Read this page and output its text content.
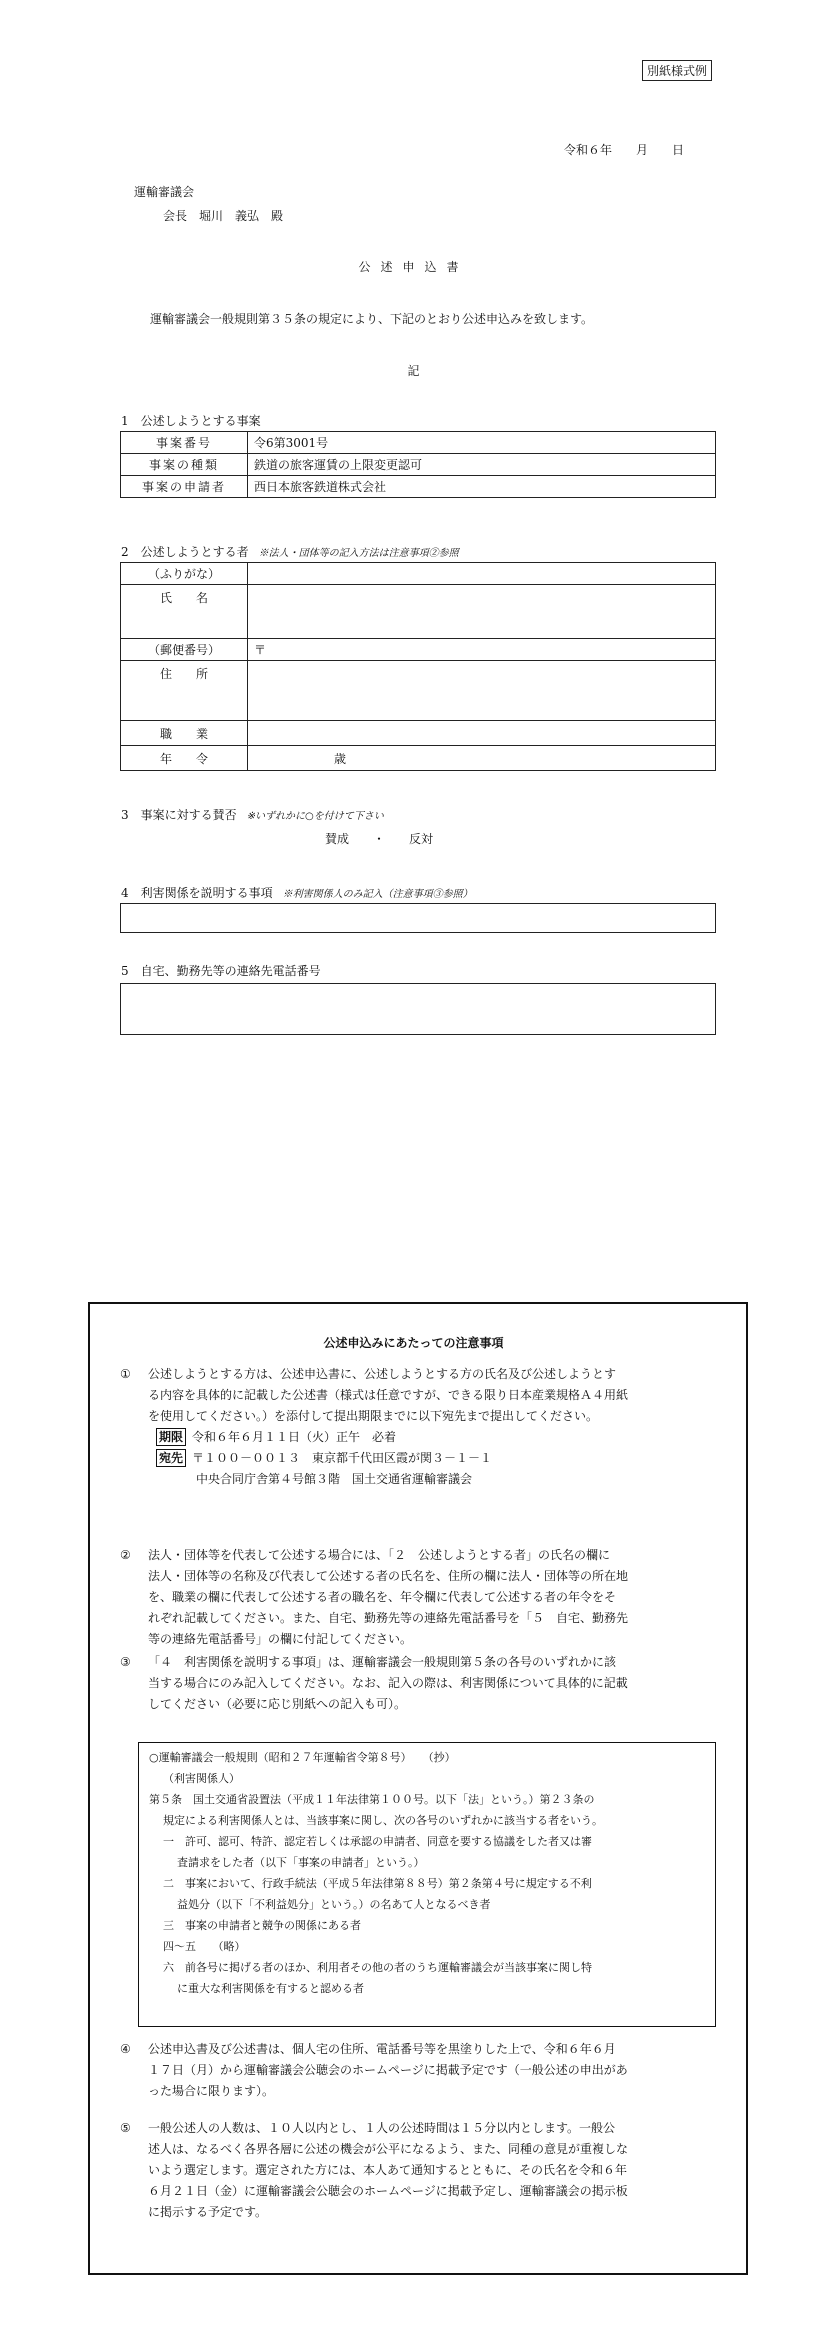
別紙様式例
令和６年　　月　　日
運輸審議会
会長　堀川　義弘　殿
公述申込書
運輸審議会一般規則第３５条の規定により、下記のとおり公述申込みを致します。
記
1　公述しようとする事案
事案番号	令6第3001号
事案の種類	鉄道の旅客運賃の上限変更認可
事案の申請者	西日本旅客鉄道株式会社
2　公述しようとする者 ※法人・団体等の記入方法は注意事項②参照
（ふりがな）	
氏　　名	
（郵便番号）	〒
住　　所	
職　　業	
年　　令	歳
3　事案に対する賛否 ※いずれかに○を付けて下さい
賛成 ・ 反対
4　利害関係を説明する事項 ※利害関係人のみ記入（注意事項③参照）
5　自宅、勤務先等の連絡先電話番号
公述申込みにあたっての注意事項
① 公述しようとする方は、公述申込書に、公述しようとする方の氏名及び公述しようとす

る内容を具体的に記載した公述書（様式は任意ですが、できる限り日本産業規格Ａ４用紙

を使用してください。）を添付して提出期限までに以下宛先まで提出してください。

期限 令和６年６月１１日（火）正午　必着

宛先 〒１００－００１３　東京都千代田区霞が関３－１－１

中央合同庁舎第４号館３階　国土交通省運輸審議会

② 法人・団体等を代表して公述する場合には、「２　公述しようとする者」の氏名の欄に

法人・団体等の名称及び代表して公述する者の氏名を、住所の欄に法人・団体等の所在地

を、職業の欄に代表して公述する者の職名を、年令欄に代表して公述する者の年令をそ

れぞれ記載してください。また、自宅、勤務先等の連絡先電話番号を「５　自宅、勤務先

等の連絡先電話番号」の欄に付記してください。

③ 「４　利害関係を説明する事項」は、運輸審議会一般規則第５条の各号のいずれかに該

当する場合にのみ記入してください。なお、記入の際は、利害関係について具体的に記載

してください（必要に応じ別紙への記入も可）。

○運輸審議会一般規則（昭和２７年運輸省令第８号）　　（抄）

（利害関係人）

第５条　国土交通省設置法（平成１１年法律第１００号。以下「法」という。）第２３条の

規定による利害関係人とは、当該事案に関し、次の各号のいずれかに該当する者をいう。

一　許可、認可、特許、認定若しくは承認の申請者、同意を要する協議をした者又は審

査請求をした者（以下「事案の申請者」という。）

二　事案において、行政手続法（平成５年法律第８８号）第２条第４号に規定する不利

益処分（以下「不利益処分」という。）の名あて人となるべき者

三　事案の申請者と競争の関係にある者

四～五　　（略）

六　前各号に掲げる者のほか、利用者その他の者のうち運輸審議会が当該事案に関し特

に重大な利害関係を有すると認める者

④ 公述申込書及び公述書は、個人宅の住所、電話番号等を黒塗りした上で、令和６年６月

１７日（月）から運輸審議会公聴会のホームページに掲載予定です（一般公述の申出があ

った場合に限ります）。

⑤ 一般公述人の人数は、１０人以内とし、１人の公述時間は１５分以内とします。一般公

述人は、なるべく各界各層に公述の機会が公平になるよう、また、同種の意見が重複しな

いよう選定します。選定された方には、本人あて通知するとともに、その氏名を令和６年

６月２１日（金）に運輸審議会公聴会のホームページに掲載予定し、運輸審議会の掲示板

に掲示する予定です。
